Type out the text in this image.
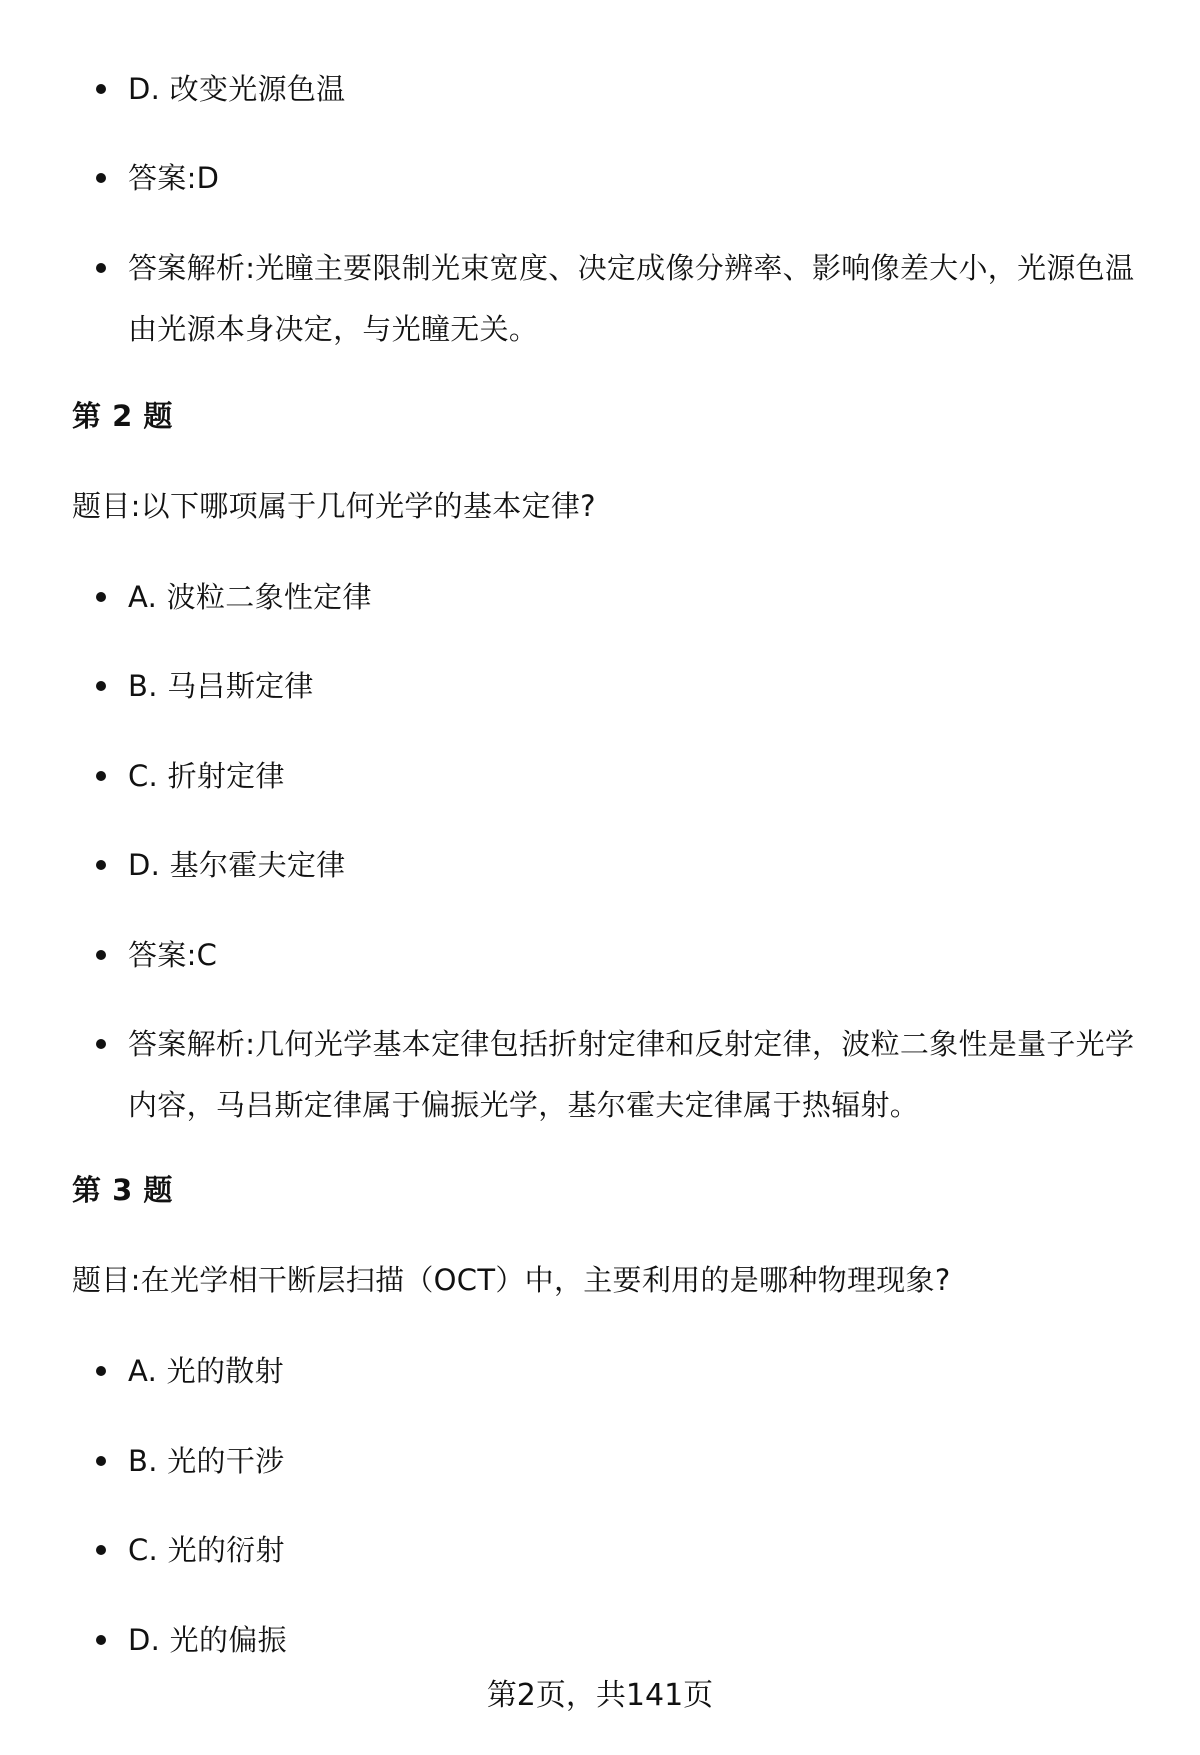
D. 改变光源色温
答案:D
答案解析:光瞳主要限制光束宽度、决定成像分辨率、影响像差大小，光源色温由光源本身决定，与光瞳无关。
第 2 题
题目:以下哪项属于几何光学的基本定律?
A. 波粒二象性定律
B. 马吕斯定律
C. 折射定律
D. 基尔霍夫定律
答案:C
答案解析:几何光学基本定律包括折射定律和反射定律，波粒二象性是量子光学内容，马吕斯定律属于偏振光学，基尔霍夫定律属于热辐射。
第 3 题
题目:在光学相干断层扫描（OCT）中，主要利用的是哪种物理现象?
A. 光的散射
B. 光的干涉
C. 光的衍射
D. 光的偏振
第2页，共141页
